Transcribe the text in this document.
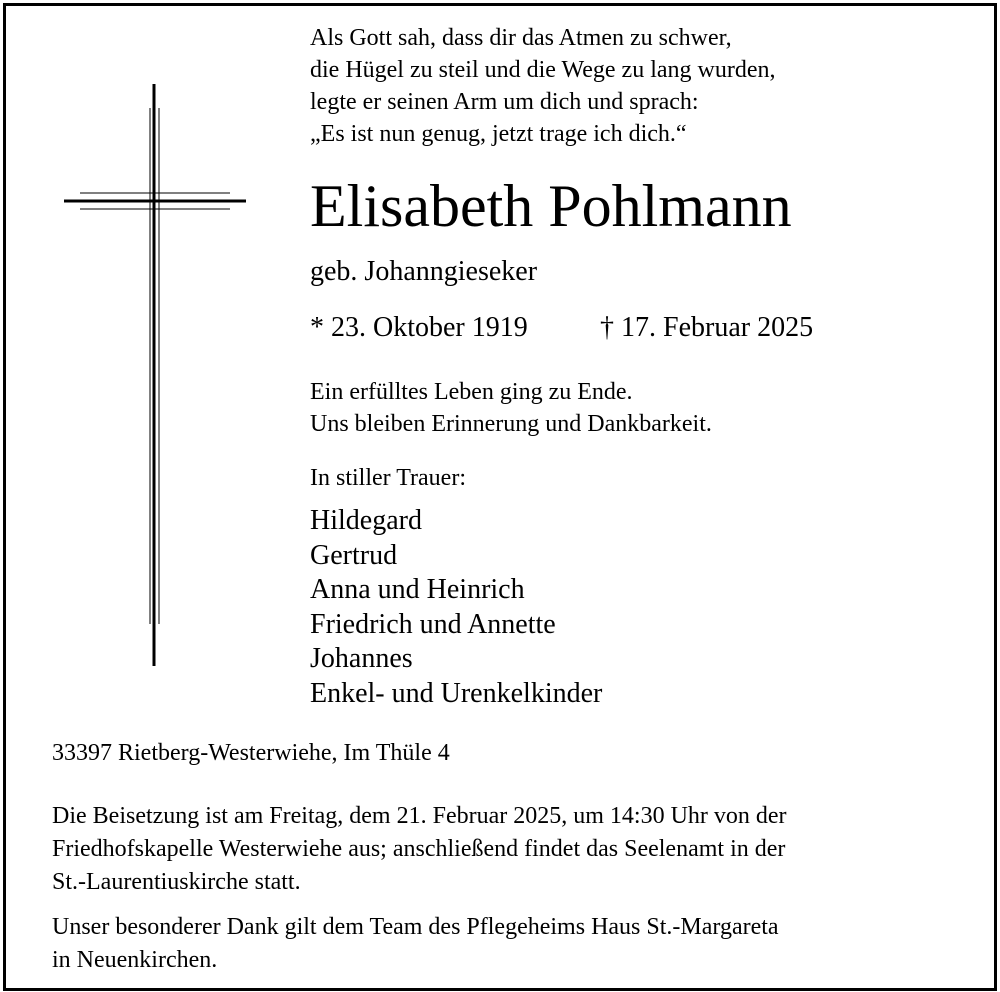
Als Gott sah, dass dir das Atmen zu schwer,
die Hügel zu steil und die Wege zu lang wurden,
legte er seinen Arm um dich und sprach:
„Es ist nun genug, jetzt trage ich dich.“
Elisabeth Pohlmann
geb. Johanngieseker
* 23. Oktober 1919	† 17. Februar 2025
Ein erfülltes Leben ging zu Ende.
Uns bleiben Erinnerung und Dankbarkeit.
In stiller Trauer:
Hildegard
Gertrud
Anna und Heinrich
Friedrich und Annette
Johannes
Enkel- und Urenkelkinder
33397 Rietberg-Westerwiehe, Im Thüle 4
Die Beisetzung ist am Freitag, dem 21. Februar 2025, um 14:30 Uhr von der
Friedhofskapelle Westerwiehe aus; anschließend findet das Seelenamt in der
St.-Laurentiuskirche statt.
Unser besonderer Dank gilt dem Team des Pflegeheims Haus St.-Margareta
in Neuenkirchen.
